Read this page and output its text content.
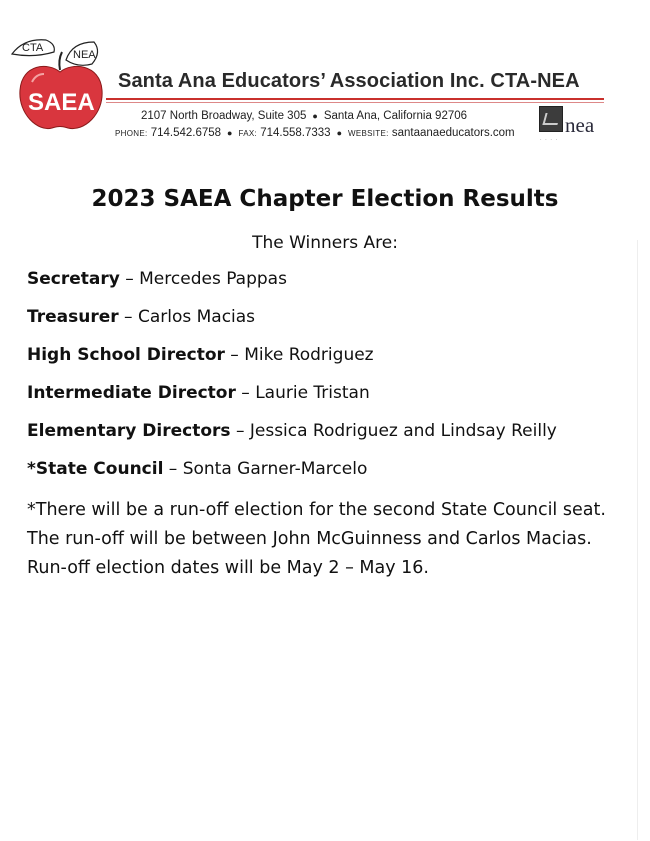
CTA
NEA
SAEA
Santa Ana Educators’ Association Inc. CTA-NEA
2107 North Broadway, Suite 305 ● Santa Ana, California 92706
PHONE: 714.542.6758 ● FAX: 714.558.7333 ● WEBSITE: santaanaeducators.com nea
· · · ·
2023 SAEA Chapter Election Results
The Winners Are:
Secretary – Mercedes Pappas
Treasurer – Carlos Macias
High School Director – Mike Rodriguez
Intermediate Director – Laurie Tristan
Elementary Directors – Jessica Rodriguez and Lindsay Reilly
*State Council – Sonta Garner-Marcelo
*There will be a run-off election for the second State Council seat. The run-off will be between John McGuinness and Carlos Macias. Run-off election dates will be May 2 – May 16.
